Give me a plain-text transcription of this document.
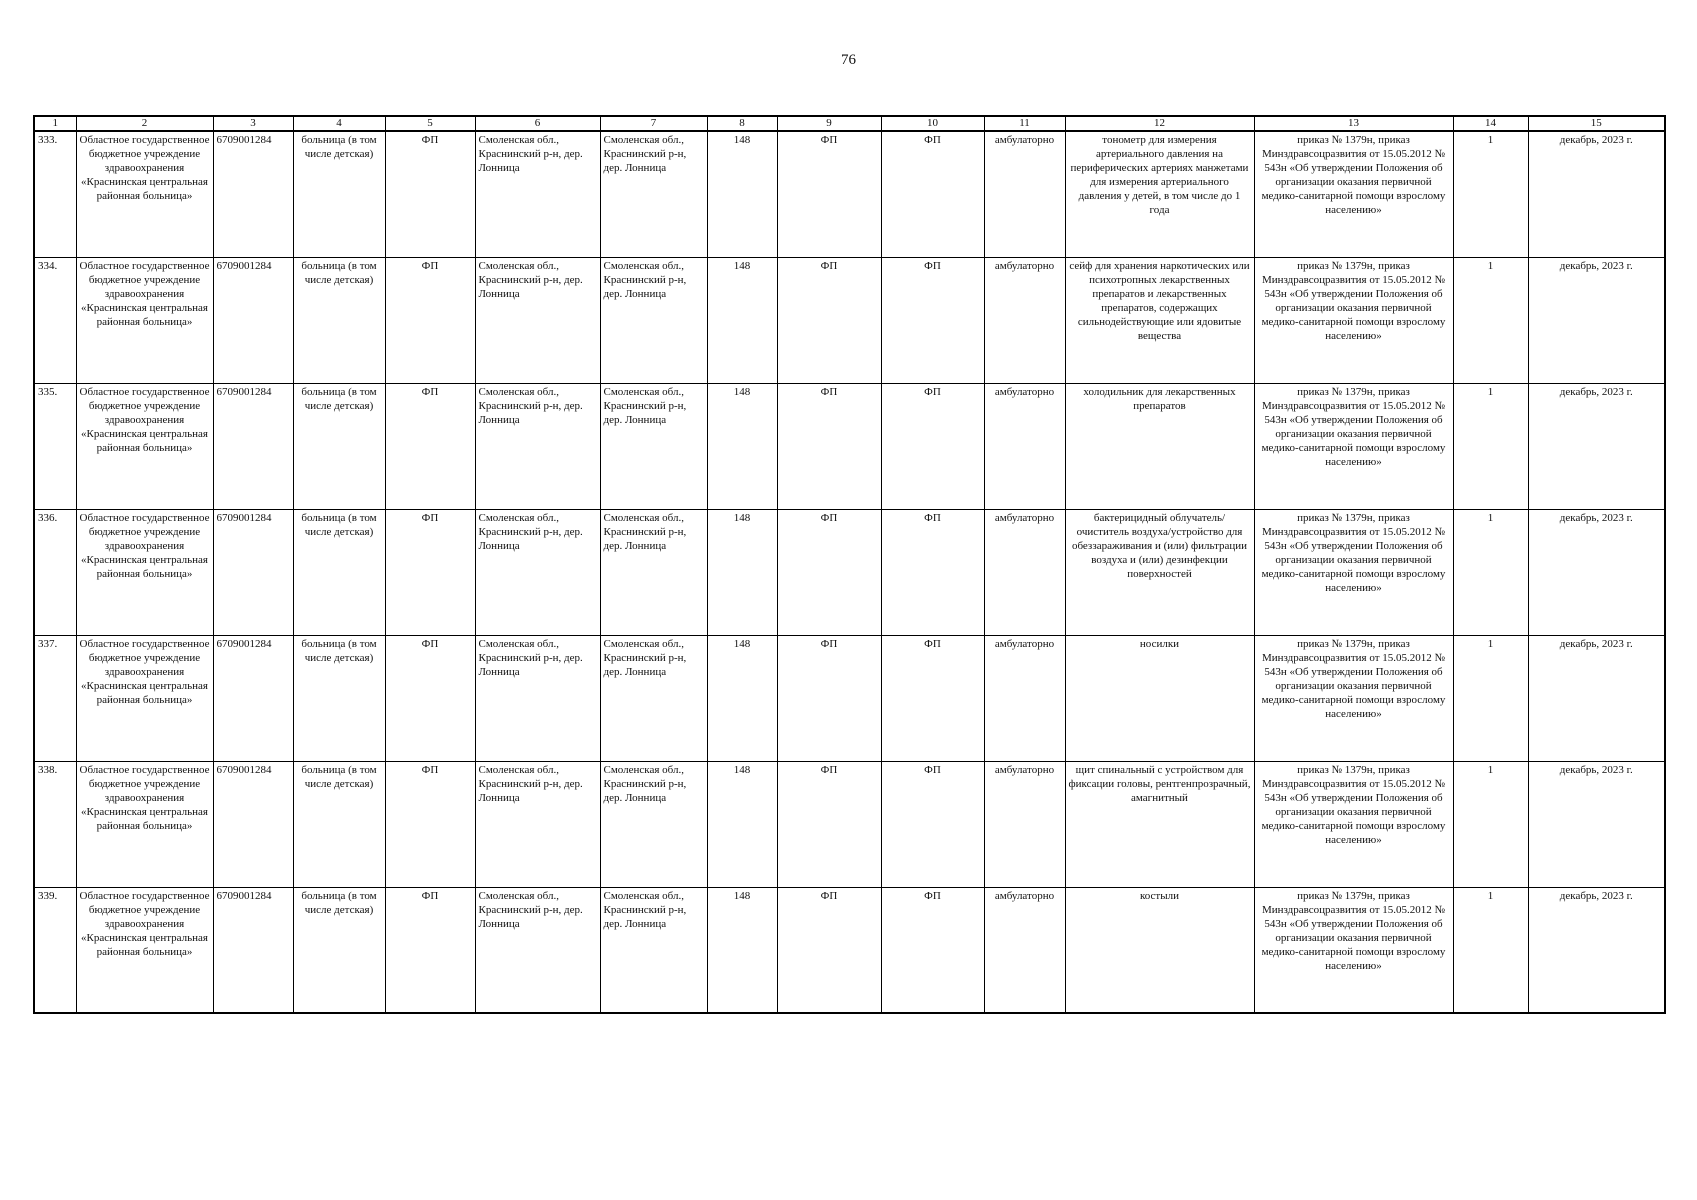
76
1	2	3	4	5	6	7	8	9	10	11	12	13	14	15
333.	Областное государственное бюджетное учреждение здравоохранения «Краснинская центральная районная больница»	6709001284	больница (в том числе детская)	ФП	Смоленская обл., Краснинский р-н, дер. Лонница	Смоленская обл., Краснинский р-н, дер. Лонница	148	ФП	ФП	амбулаторно	тонометр для измерения артериального давления на периферических артериях манжетами для измерения артериального давления у детей, в том числе до 1 года	приказ № 1379н, приказ Минздравсоцразвития от 15.05.2012 № 543н «Об утверждении Положения об организации оказания первичной медико-санитарной помощи взрослому населению»	1	декабрь, 2023 г.
334.	Областное государственное бюджетное учреждение здравоохранения «Краснинская центральная районная больница»	6709001284	больница (в том числе детская)	ФП	Смоленская обл., Краснинский р-н, дер. Лонница	Смоленская обл., Краснинский р-н, дер. Лонница	148	ФП	ФП	амбулаторно	сейф для хранения наркотических или психотропных лекарственных препаратов и лекарственных препаратов, содержащих сильнодействующие или ядовитые вещества	приказ № 1379н, приказ Минздравсоцразвития от 15.05.2012 № 543н «Об утверждении Положения об организации оказания первичной медико-санитарной помощи взрослому населению»	1	декабрь, 2023 г.
335.	Областное государственное бюджетное учреждение здравоохранения «Краснинская центральная районная больница»	6709001284	больница (в том числе детская)	ФП	Смоленская обл., Краснинский р-н, дер. Лонница	Смоленская обл., Краснинский р-н, дер. Лонница	148	ФП	ФП	амбулаторно	холодильник для лекарственных препаратов	приказ № 1379н, приказ Минздравсоцразвития от 15.05.2012 № 543н «Об утверждении Положения об организации оказания первичной медико-санитарной помощи взрослому населению»	1	декабрь, 2023 г.
336.	Областное государственное бюджетное учреждение здравоохранения «Краснинская центральная районная больница»	6709001284	больница (в том числе детская)	ФП	Смоленская обл., Краснинский р-н, дер. Лонница	Смоленская обл., Краснинский р-н, дер. Лонница	148	ФП	ФП	амбулаторно	бактерицидный облучатель/очиститель воздуха/устройство для обеззараживания и (или) фильтрации воздуха и (или) дезинфекции поверхностей	приказ № 1379н, приказ Минздравсоцразвития от 15.05.2012 № 543н «Об утверждении Положения об организации оказания первичной медико-санитарной помощи взрослому населению»	1	декабрь, 2023 г.
337.	Областное государственное бюджетное учреждение здравоохранения «Краснинская центральная районная больница»	6709001284	больница (в том числе детская)	ФП	Смоленская обл., Краснинский р-н, дер. Лонница	Смоленская обл., Краснинский р-н, дер. Лонница	148	ФП	ФП	амбулаторно	носилки	приказ № 1379н, приказ Минздравсоцразвития от 15.05.2012 № 543н «Об утверждении Положения об организации оказания первичной медико-санитарной помощи взрослому населению»	1	декабрь, 2023 г.
338.	Областное государственное бюджетное учреждение здравоохранения «Краснинская центральная районная больница»	6709001284	больница (в том числе детская)	ФП	Смоленская обл., Краснинский р-н, дер. Лонница	Смоленская обл., Краснинский р-н, дер. Лонница	148	ФП	ФП	амбулаторно	щит спинальный с устройством для фиксации головы, рентгенпрозрачный, амагнитный	приказ № 1379н, приказ Минздравсоцразвития от 15.05.2012 № 543н «Об утверждении Положения об организации оказания первичной медико-санитарной помощи взрослому населению»	1	декабрь, 2023 г.
339.	Областное государственное бюджетное учреждение здравоохранения «Краснинская центральная районная больница»	6709001284	больница (в том числе детская)	ФП	Смоленская обл., Краснинский р-н, дер. Лонница	Смоленская обл., Краснинский р-н, дер. Лонница	148	ФП	ФП	амбулаторно	костыли	приказ № 1379н, приказ Минздравсоцразвития от 15.05.2012 № 543н «Об утверждении Положения об организации оказания первичной медико-санитарной помощи взрослому населению»	1	декабрь, 2023 г.
